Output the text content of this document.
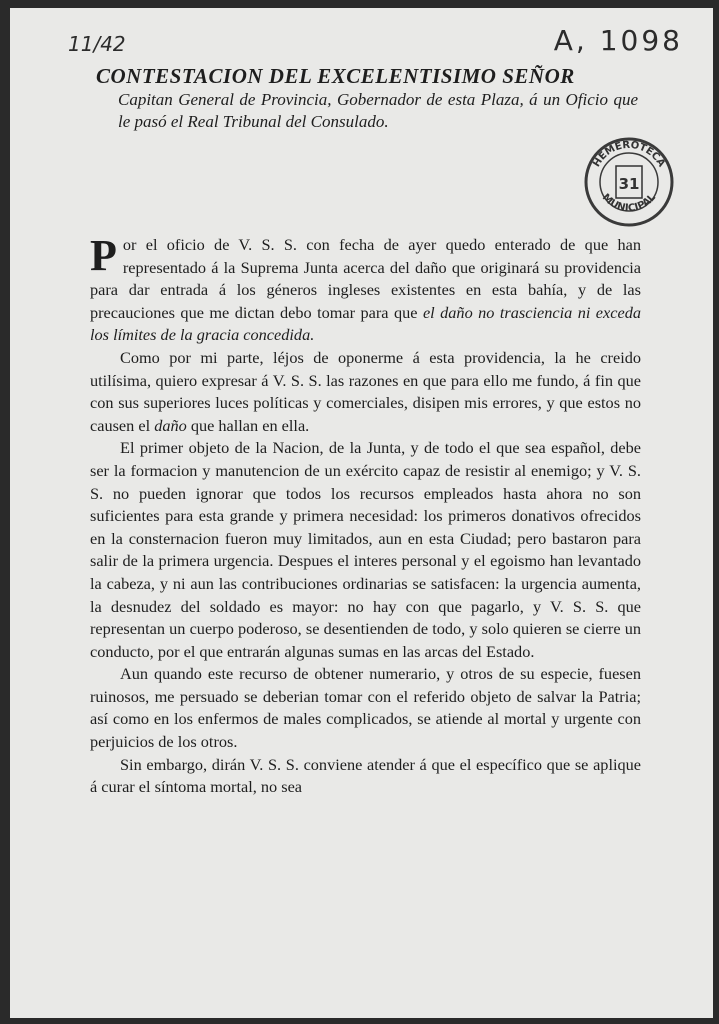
11/42	A, 1098
CONTESTACION DEL EXCELENTISIMO SEÑOR
Capitan General de Provincia, Gobernador de esta Plaza, á un Oficio que le pasó el Real Tribunal del Consulado.
HEMEROTECA
MUNICIPAL
31

Por el oficio de V. S. S. con fecha de ayer quedo enterado de que han representado á la Suprema Junta acerca del daño que originará su providencia para dar entrada á los géneros ingleses existentes en esta bahía, y de las precauciones que me dictan debo tomar para que el daño no trasciencia ni exceda los límites de la gracia concedida.

Como por mi parte, léjos de oponerme á esta providencia, la he creido utilísima, quiero expresar á V. S. S. las razones en que para ello me fundo, á fin que con sus superiores luces políticas y comerciales, disipen mis errores, y que estos no causen el daño que hallan en ella.

El primer objeto de la Nacion, de la Junta, y de todo el que sea español, debe ser la formacion y manutencion de un exército capaz de resistir al enemigo; y V. S. S. no pueden ignorar que todos los recursos empleados hasta ahora no son suficientes para esta grande y primera necesidad: los primeros donativos ofrecidos en la consternacion fueron muy limitados, aun en esta Ciudad; pero bastaron para salir de la primera urgencia. Despues el interes personal y el egoismo han levantado la cabeza, y ni aun las contribuciones ordinarias se satisfacen: la urgencia aumenta, la desnudez del soldado es mayor: no hay con que pagarlo, y V. S. S. que representan un cuerpo poderoso, se desentienden de todo, y solo quieren se cierre un conducto, por el que entrarán algunas sumas en las arcas del Estado.

Aun quando este recurso de obtener numerario, y otros de su especie, fuesen ruinosos, me persuado se deberian tomar con el referido objeto de salvar la Patria; así como en los enfermos de males complicados, se atiende al mortal y urgente con perjuicios de los otros.

Sin embargo, dirán V. S. S. conviene atender á que el específico que se aplique á curar el síntoma mortal, no sea
